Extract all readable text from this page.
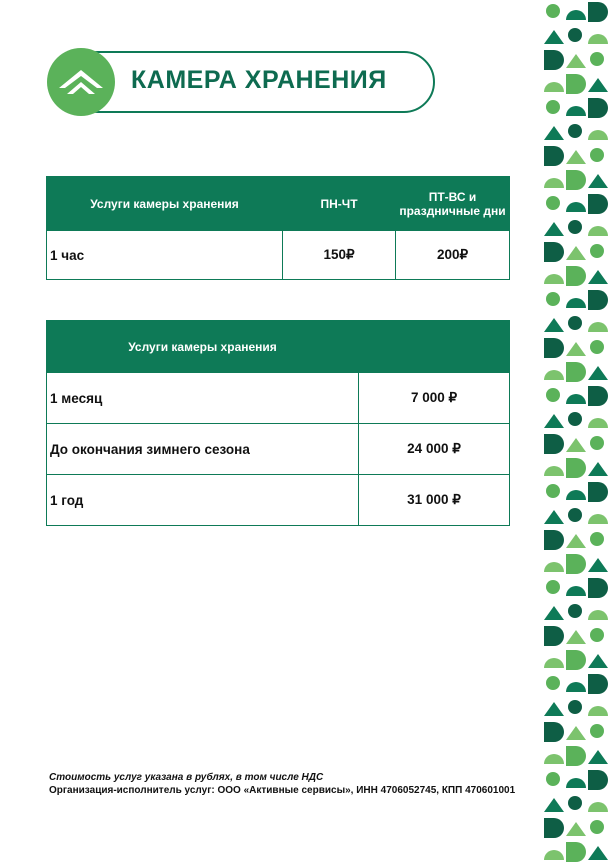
КАМЕРА ХРАНЕНИЯ
Услуги камеры хранения	ПН-ЧТ	ПТ-ВС и праздничные дни
1 час	150₽	200₽
Услуги камеры хранения	
1 месяц	7 000 ₽
До окончания зимнего сезона	24 000 ₽
1 год	31 000 ₽
Стоимость услуг указана в рублях, в том числе НДС
Организация-исполнитель услуг: ООО «Активные сервисы», ИНН 4706052745, КПП 470601001
